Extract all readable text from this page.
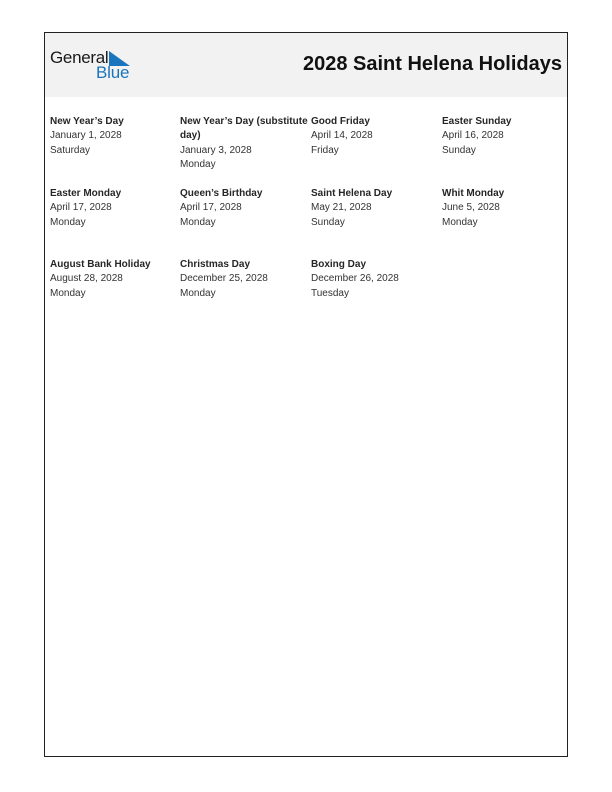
General
Blue	2028 Saint Helena Holidays
New Year’s Day
January 1, 2028
Saturday
New Year’s Day (substitute day)
January 3, 2028
Monday
Good Friday
April 14, 2028
Friday
Easter Sunday
April 16, 2028
Sunday
Easter Monday
April 17, 2028
Monday
Queen’s Birthday
April 17, 2028
Monday
Saint Helena Day
May 21, 2028
Sunday
Whit Monday
June 5, 2028
Monday
August Bank Holiday
August 28, 2028
Monday
Christmas Day
December 25, 2028
Monday
Boxing Day
December 26, 2028
Tuesday
